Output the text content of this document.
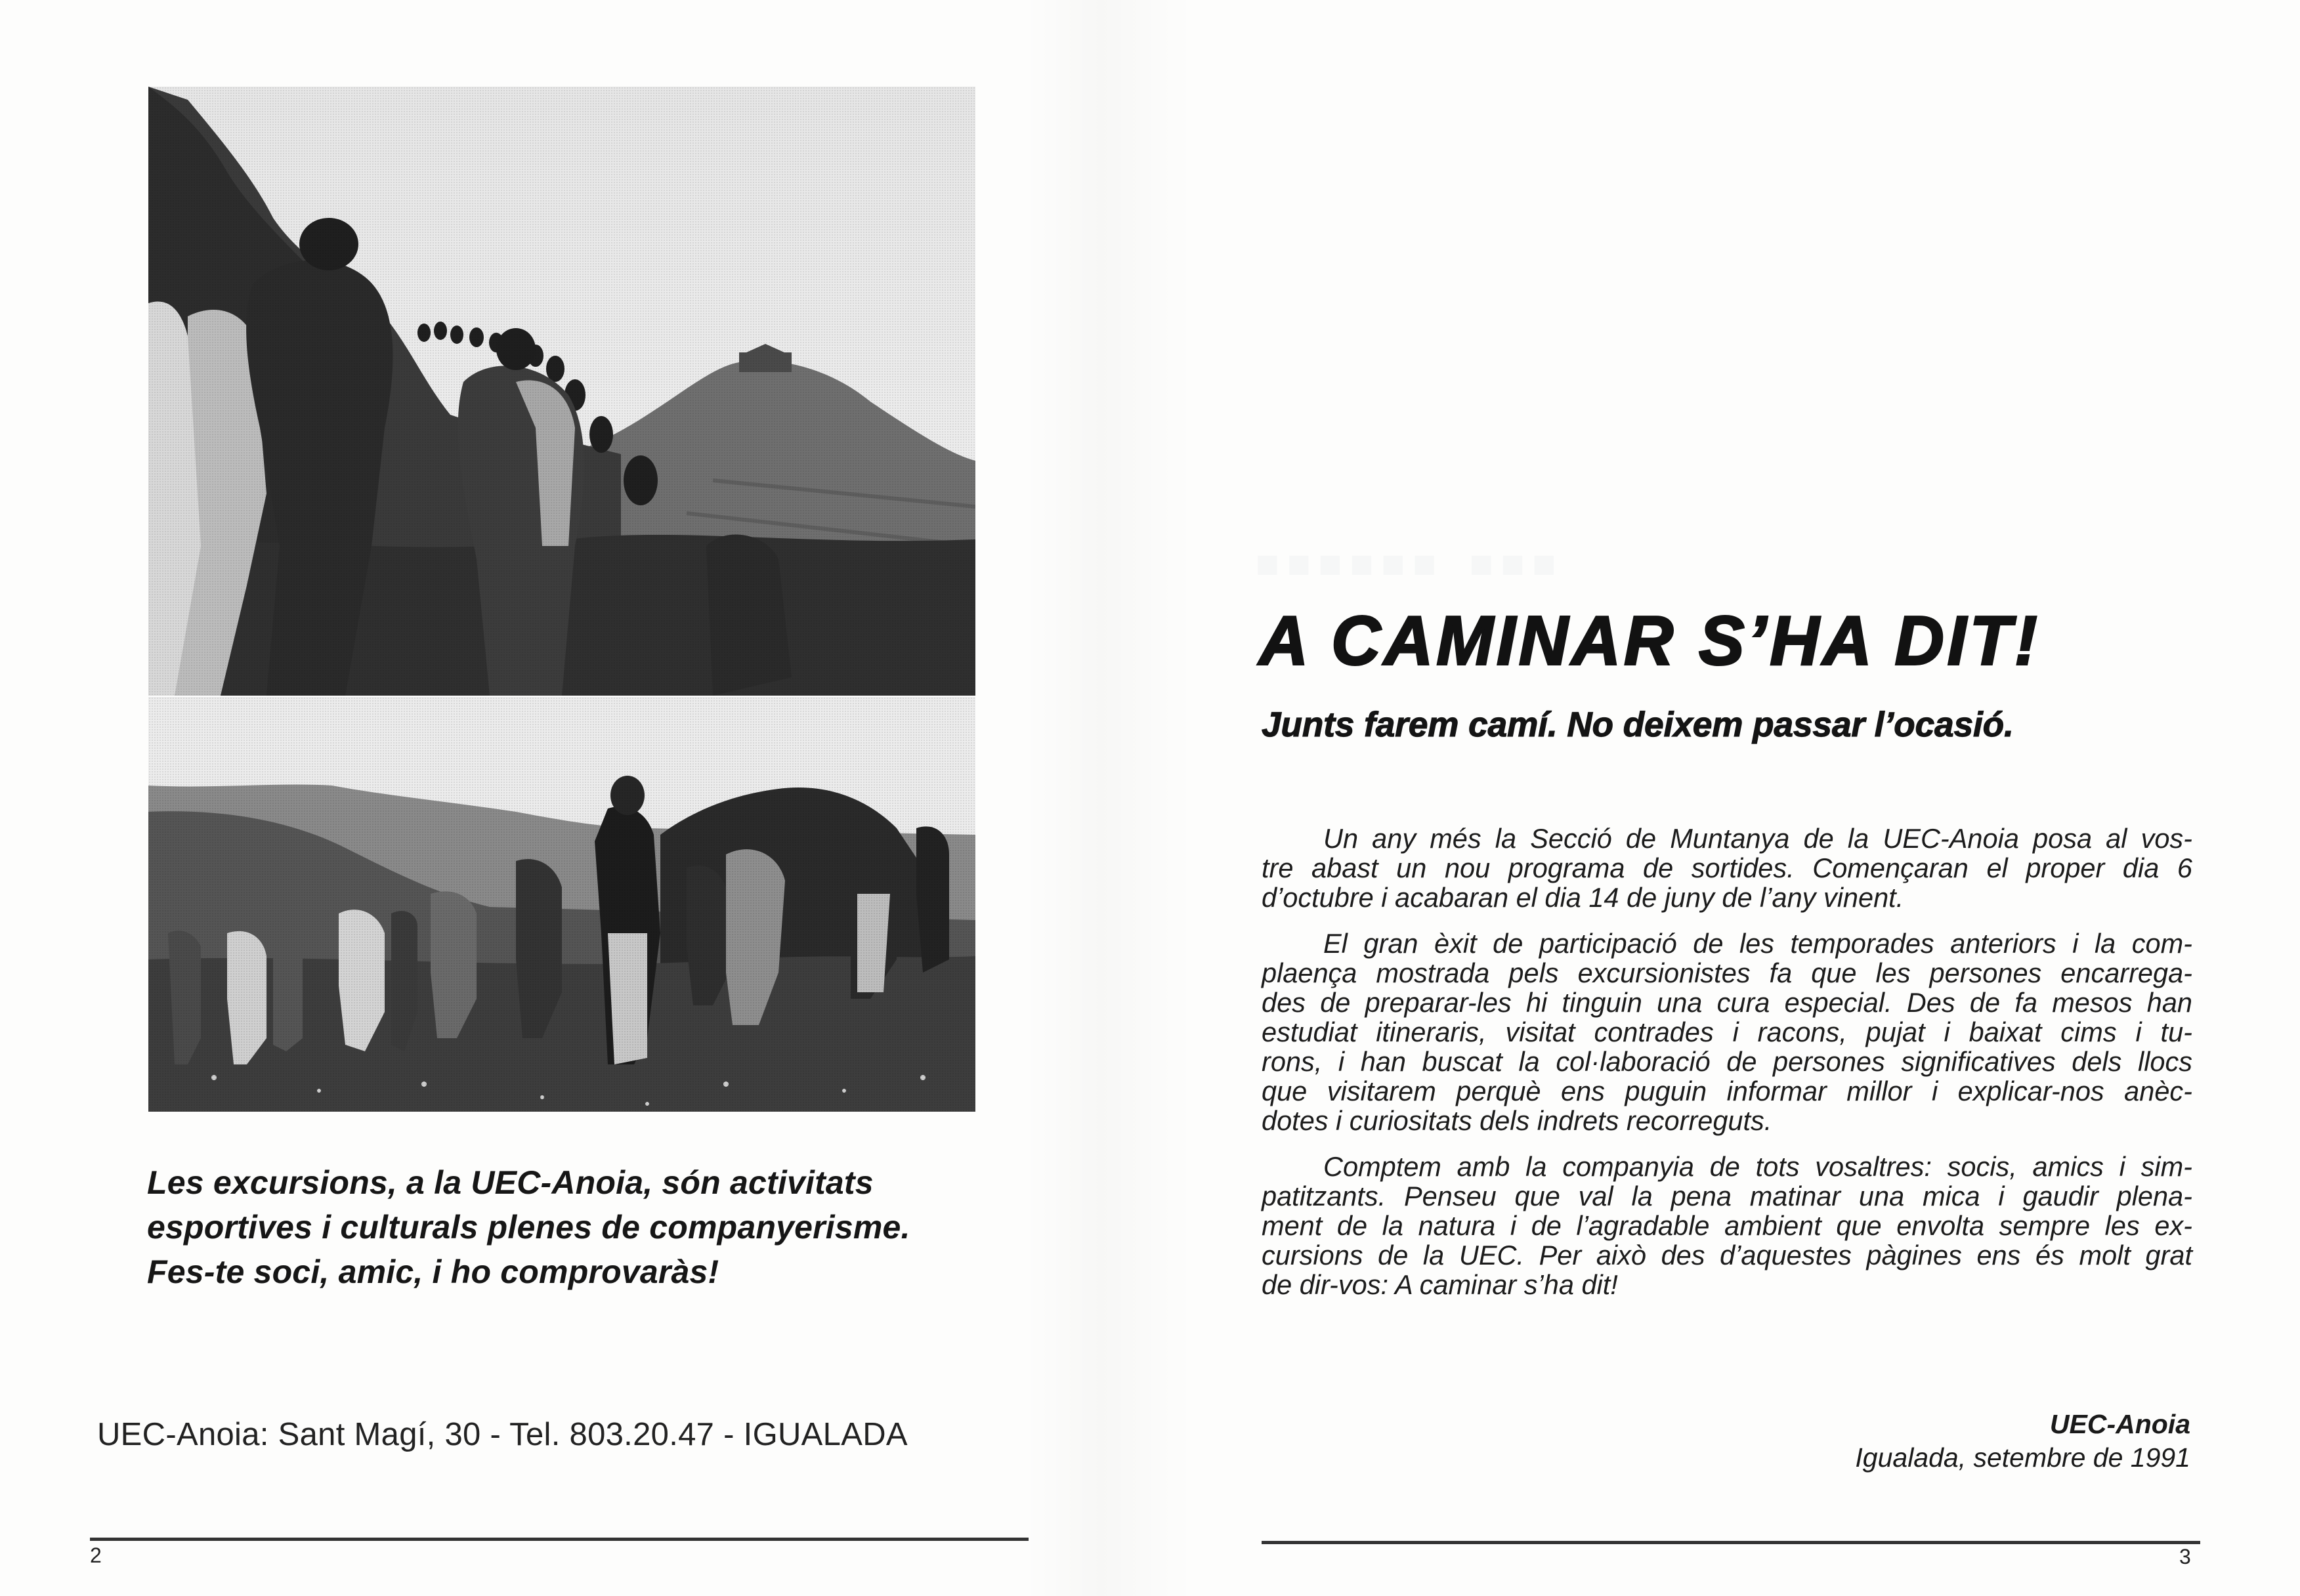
Les excursions, a la UEC-Anoia, són activitats
esportives i culturals plenes de companyerisme.
Fes-te soci, amic, i ho comprovaràs!
UEC-Anoia: Sant Magí, 30 - Tel. 803.20.47 - IGUALADA
2
▪▪▪▪▪▪ ▪▪▪
A CAMINAR S’HA DIT!
Junts farem camí. No deixem passar l’ocasió.

Un any més la Secció de Muntanya de la UEC-Anoia posa al vos-
tre abast un nou programa de sortides. Començaran el proper dia 6
d’octubre i acabaran el dia 14 de juny de l’any vinent.

El gran èxit de participació de les temporades anteriors i la com-
plaença mostrada pels excursionistes fa que les persones encarrega-
des de preparar-les hi tinguin una cura especial. Des de fa mesos han
estudiat itineraris, visitat contrades i racons, pujat i baixat cims i tu-
rons, i han buscat la col·laboració de persones significatives dels llocs
que visitarem perquè ens puguin informar millor i explicar-nos anèc-
dotes i curiositats dels indrets recorreguts.

Comptem amb la companyia de tots vosaltres: socis, amics i sim-
patitzants. Penseu que val la pena matinar una mica i gaudir plena-
ment de la natura i de l’agradable ambient que envolta sempre les ex-
cursions de la UEC. Per això des d’aquestes pàgines ens és molt grat
de dir-vos: A caminar s’ha dit!

UEC-Anoia
Igualada, setembre de 1991
3
